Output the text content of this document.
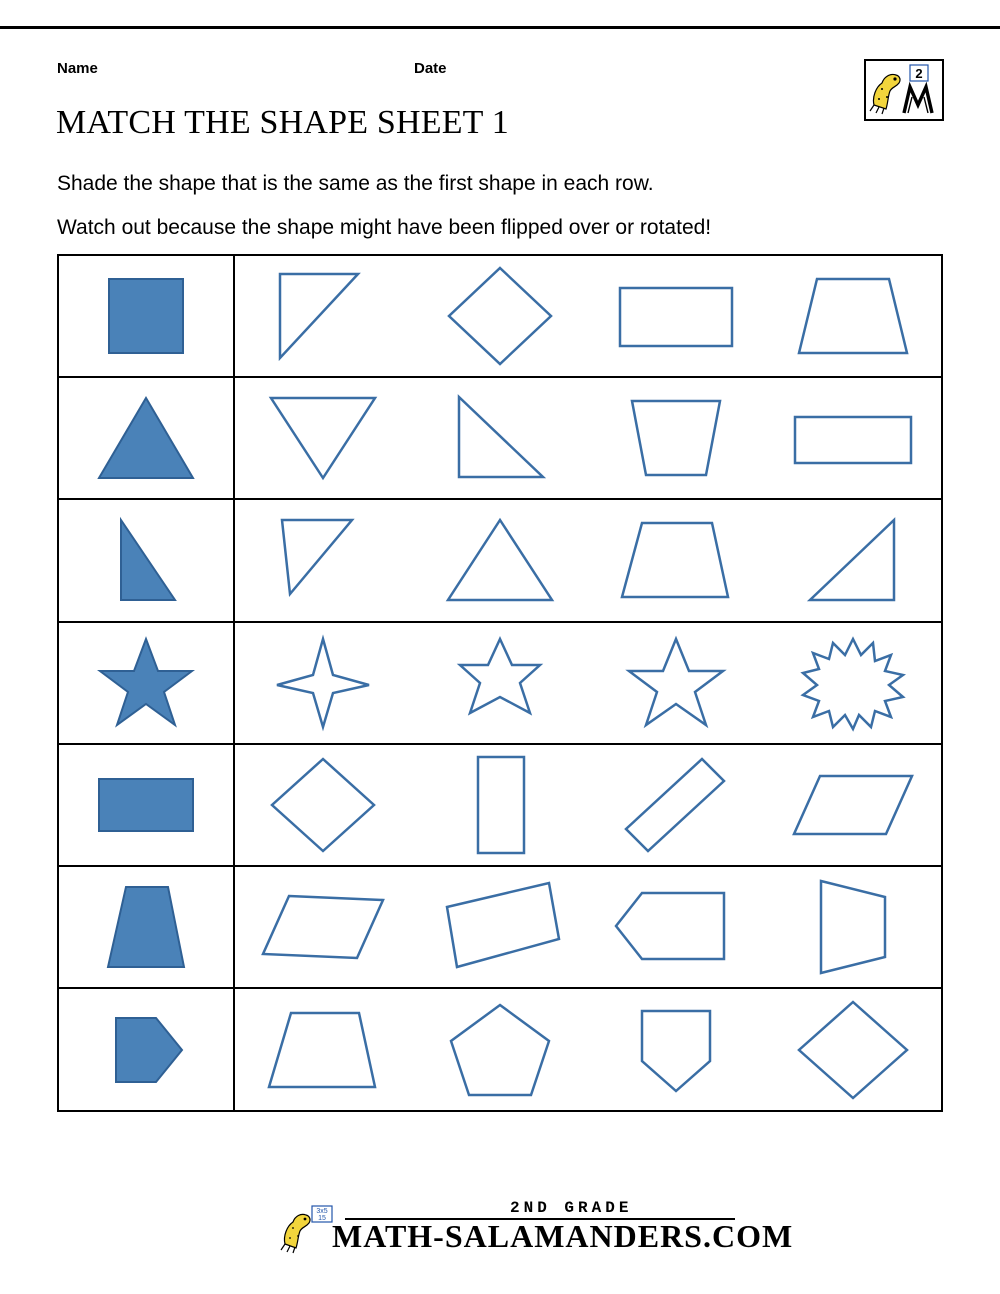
Name	Date
MATCH THE SHAPE SHEET 1
Shade the shape that is the same as the first shape in each row.
Watch out because the shape might have been flipped over or rotated!
2
3x5
15
2ND GRADE
MATH-SALAMANDERS.COM
